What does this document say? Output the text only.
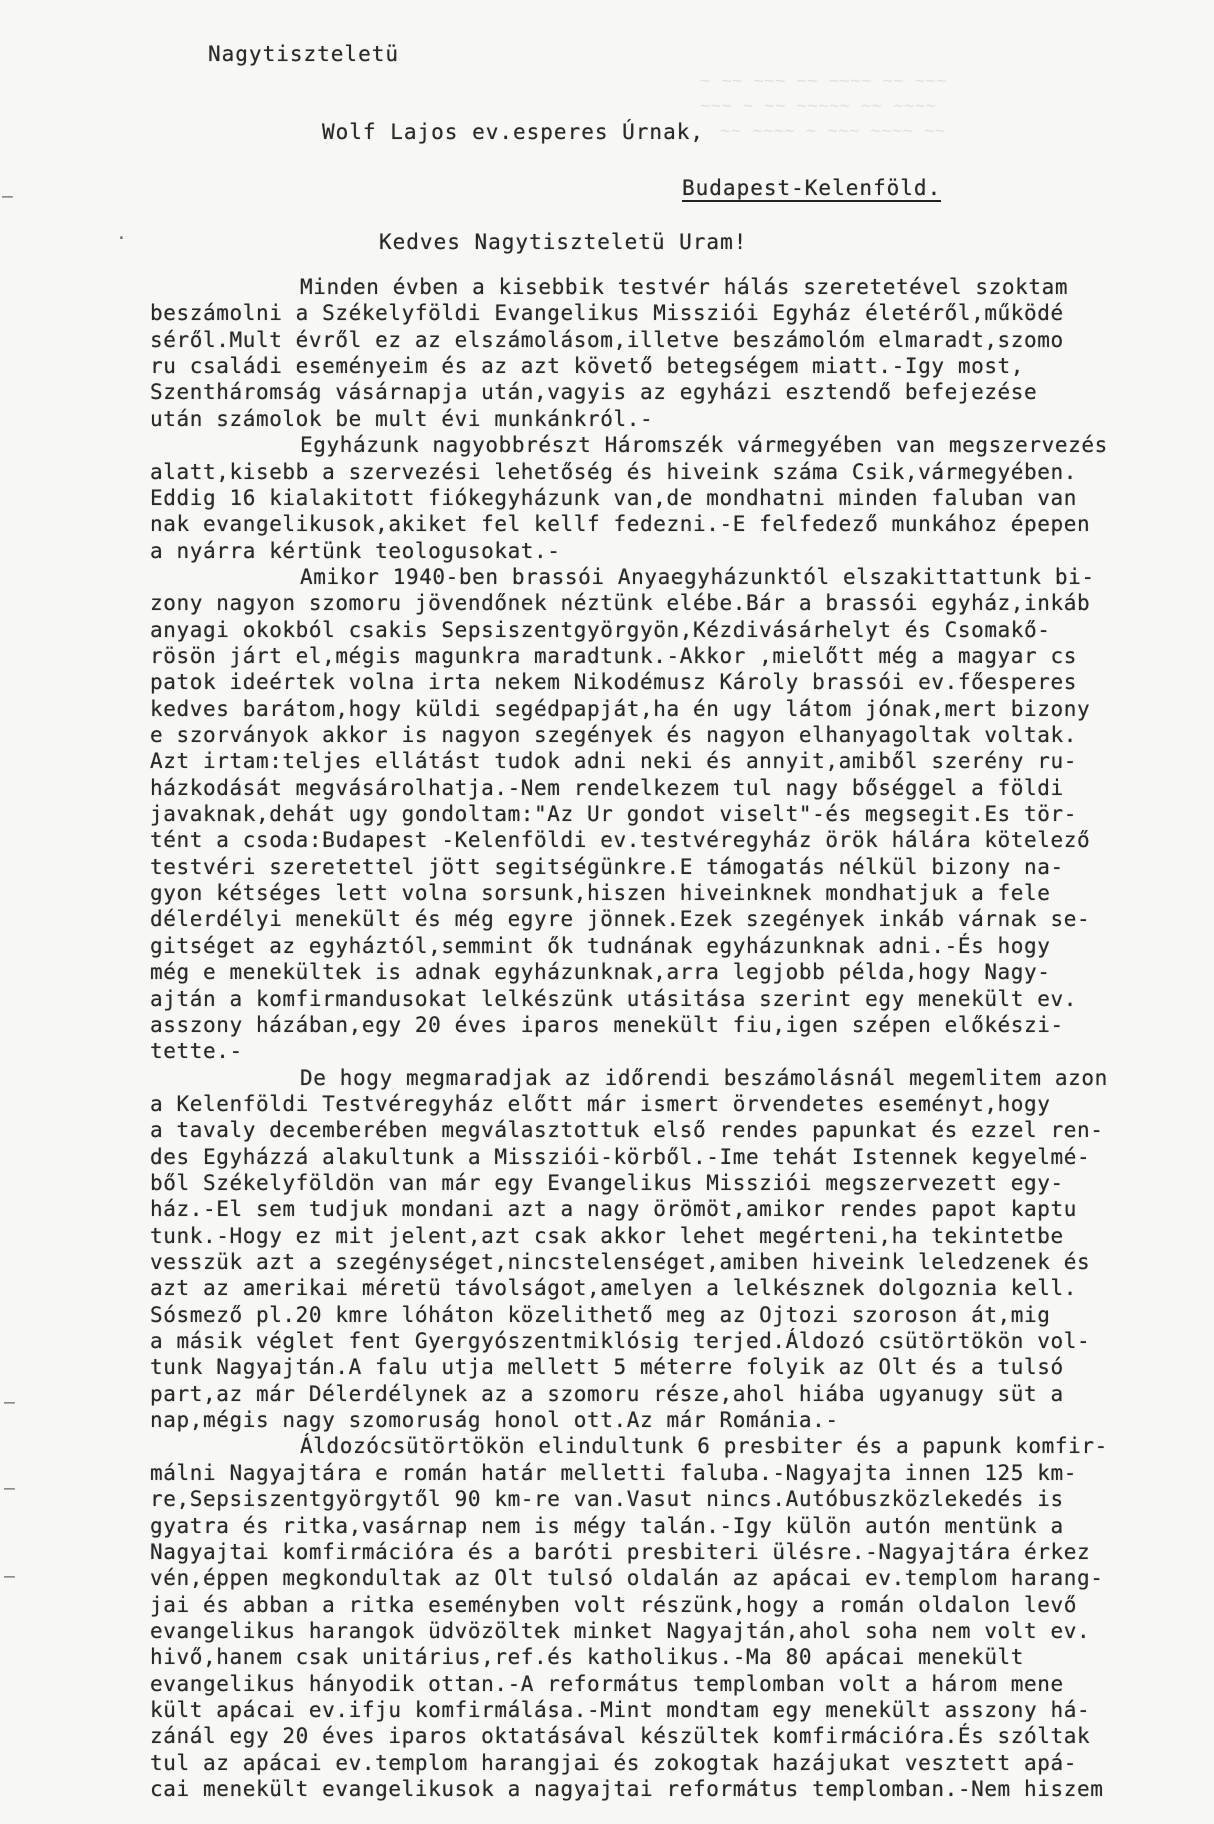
~ ~~ ~~~ ~~ ~~~~ ~~ ~~~
~~~ ~ ~~ ~~~~~ ~~ ~~~~
~~ ~~~~ ~ ~~~ ~~~~ ~~
Nagytiszteletü
Wolf Lajos ev.esperes Úrnak,
Budapest-Kelenföld.
Kedves Nagytiszteletü Uram!
–
·
–
–
–
Minden évben a kisebbik testvér hálás szeretetével szoktam
beszámolni a Székelyföldi Evangelikus Missziói Egyház életéről,működé
séről.Mult évről ez az elszámolásom,illetve beszámolóm elmaradt,szomo
ru családi eseményeim és az azt követő betegségem miatt.-Igy most,
Szentháromság vásárnapja után,vagyis az egyházi esztendő befejezése
után számolok be mult évi munkánkról.-
Egyházunk nagyobbrészt Háromszék vármegyében van megszervezés
alatt,kisebb a szervezési lehetőség és hiveink száma Csik,vármegyében.
Eddig 16 kialakitott fiókegyházunk van,de mondhatni minden faluban van
nak evangelikusok,akiket fel kellf fedezni.-E felfedező munkához épepen
a nyárra kértünk teologusokat.-
Amikor 1940-ben brassói Anyaegyházunktól elszakittattunk bi-
zony nagyon szomoru jövendőnek néztünk elébe.Bár a brassói egyház,inkáb
anyagi okokból csakis Sepsiszentgyörgyön,Kézdivásárhelyt és Csomakő-
rösön járt el,mégis magunkra maradtunk.-Akkor ,mielőtt még a magyar cs
patok ideértek volna irta nekem Nikodémusz Károly brassói ev.főesperes
kedves barátom,hogy küldi segédpapját,ha én ugy látom jónak,mert bizony
e szorványok akkor is nagyon szegények és nagyon elhanyagoltak voltak.
Azt irtam:teljes ellátást tudok adni neki és annyit,amiből szerény ru-
házkodását megvásárolhatja.-Nem rendelkezem tul nagy bőséggel a földi
javaknak,dehát ugy gondoltam:"Az Ur gondot viselt"-és megsegit.Es tör-
tént a csoda:Budapest -Kelenföldi ev.testvéregyház örök hálára kötelező
testvéri szeretettel jött segitségünkre.E támogatás nélkül bizony na-
gyon kétséges lett volna sorsunk,hiszen hiveinknek mondhatjuk a fele
délerdélyi menekült és még egyre jönnek.Ezek szegények inkáb várnak se-
gitséget az egyháztól,semmint ők tudnának egyházunknak adni.-És hogy
még e menekültek is adnak egyházunknak,arra legjobb példa,hogy Nagy-
ajtán a komfirmandusokat lelkészünk utásitása szerint egy menekült ev.
asszony házában,egy 20 éves iparos menekült fiu,igen szépen előkészi-
tette.-
De hogy megmaradjak az időrendi beszámolásnál megemlitem azon
a Kelenföldi Testvéregyház előtt már ismert örvendetes eseményt,hogy
a tavaly decemberében megválasztottuk első rendes papunkat és ezzel ren-
des Egyházzá alakultunk a Missziói-körből.-Ime tehát Istennek kegyelmé-
ből Székelyföldön van már egy Evangelikus Missziói megszervezett egy-
ház.-El sem tudjuk mondani azt a nagy örömöt,amikor rendes papot kaptu
tunk.-Hogy ez mit jelent,azt csak akkor lehet megérteni,ha tekintetbe
vesszük azt a szegénységet,nincstelenséget,amiben hiveink leledzenek és
azt az amerikai méretü távolságot,amelyen a lelkésznek dolgoznia kell.
Sósmező pl.20 kmre lóháton közelithető meg az Ojtozi szoroson át,mig
a másik véglet fent Gyergyószentmiklósig terjed.Áldozó csütörtökön vol-
tunk Nagyajtán.A falu utja mellett 5 méterre folyik az Olt és a tulsó
part,az már Délerdélynek az a szomoru része,ahol hiába ugyanugy süt a
nap,mégis nagy szomoruság honol ott.Az már Románia.-
Áldozócsütörtökön elindultunk 6 presbiter és a papunk komfir-
málni Nagyajtára e román határ melletti faluba.-Nagyajta innen 125 km-
re,Sepsiszentgyörgytől 90 km-re van.Vasut nincs.Autóbuszközlekedés is
gyatra és ritka,vasárnap nem is mégy talán.-Igy külön autón mentünk a
Nagyajtai komfirmációra és a baróti presbiteri ülésre.-Nagyajtára érkez
vén,éppen megkondultak az Olt tulsó oldalán az apácai ev.templom harang-
jai és abban a ritka eseményben volt részünk,hogy a román oldalon levő
evangelikus harangok üdvözöltek minket Nagyajtán,ahol soha nem volt ev.
hivő,hanem csak unitárius,ref.és katholikus.-Ma 80 apácai menekült
evangelikus hányodik ottan.-A református templomban volt a három mene
kült apácai ev.ifju komfirmálása.-Mint mondtam egy menekült asszony há-
zánál egy 20 éves iparos oktatásával készültek komfirmációra.És szóltak
tul az apácai ev.templom harangjai és zokogtak hazájukat vesztett apá-
cai menekült evangelikusok a nagyajtai református templomban.-Nem hiszem
